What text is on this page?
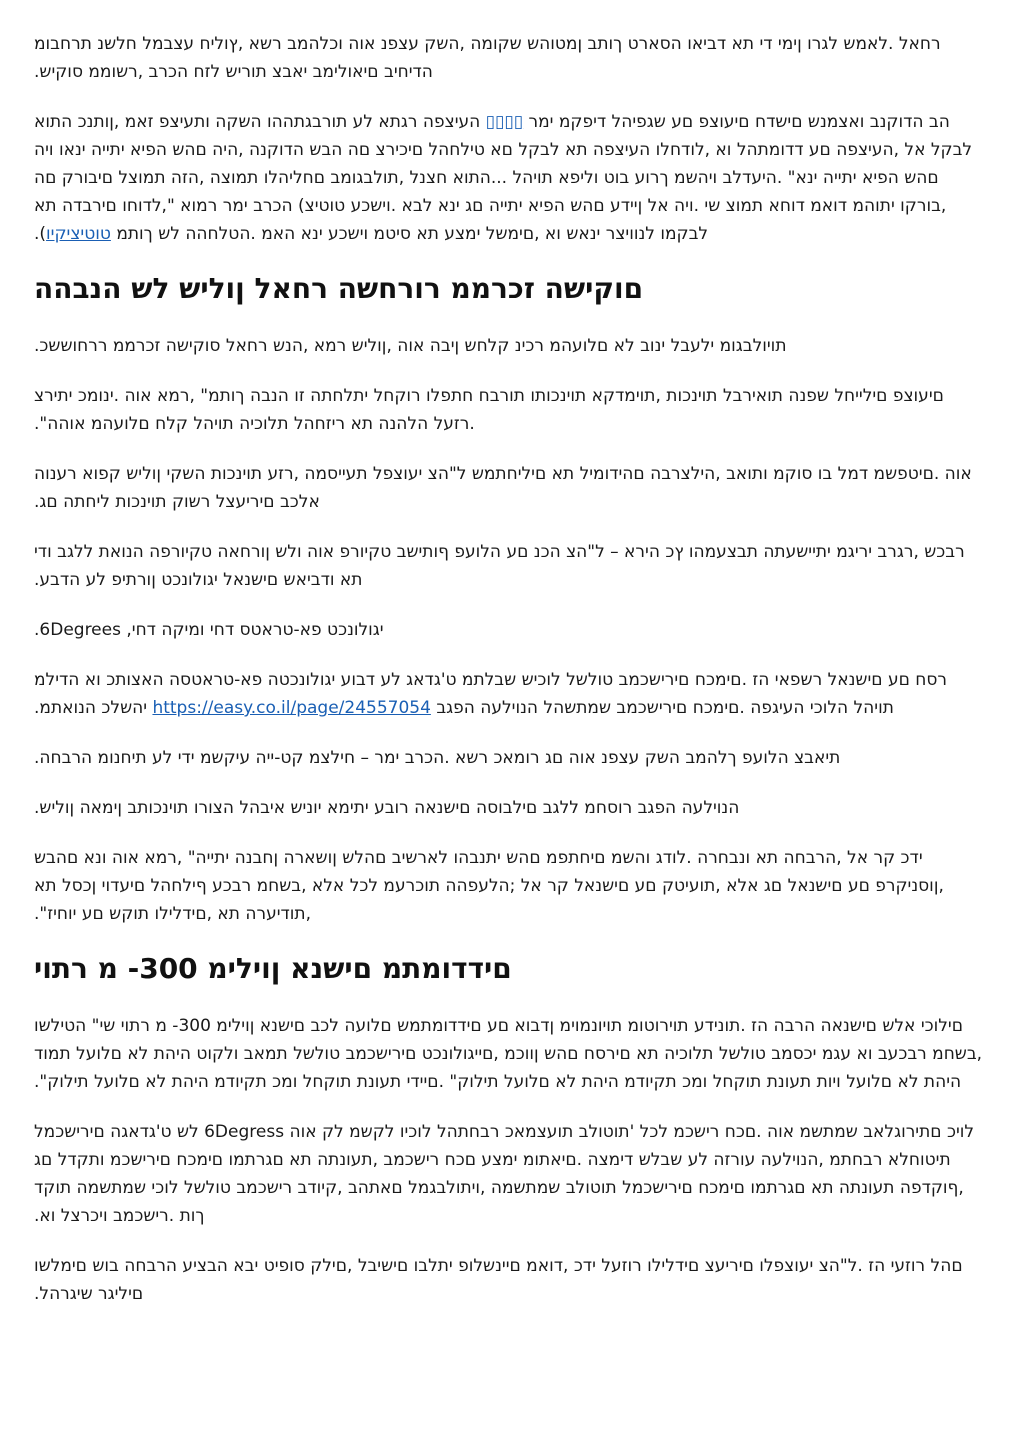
רחאל .לאמש לגרו ןימי די תא דביאו הסארט ךותב ןמטוהש שקומה ,השק עצפנ אוה וכלהמב רשא ,ץוליח עצבמל חלשנ תרחבומ הדיחיב םיאולימב יאבצ תוריש לזח הכרב ,רשוממ סוקיש.

הב הדוקנב ואצמנש םישדח םיעוצפ םע שגפיהל דיפקמ ימר ▯▯▯▯ העיצפה רגתא לע תורבגתההו השקה ותעיצפ זאמ ,ןותנכ התוא לבקל אל ,העיצפה םע דדומתהל וא ,לודחלו העיצפה תא לבקל םא טילחהל םיכירצ םה הבש הדוקנה ,היה םהש הפיא יתייה ינאו ויה םהש הפיא יתייה ינא" .היעדלב ויהשמ ךרוע בוט וליפא תויהל ...התוא חצנל ,תולבגומב םחליהלו תמוצה ,הזה תמוצל םיבורק םה ,בורקו יתוהמ דואמ דוחא תמוצ שי .ויה אל ןיידע םהש הפיא יתייה םג ינא לבא .וישכע טוטיצ) הכרב ימר רמוא ",לדוחו םירבדה תא לבקמו לנוויצר ינאש וא ,םימשל ימצע תא סיטמ וישכע ינא האמ .הטלחהה לש ךותמ טוטיציקיו).

םוקישה זכרממ רורחשה רחאל ןוליש לש הנבהה

תויולבגומ ילעבל ינוב לא םלועהמ רכינ קלחש ןיבה אוה ,ןוליש רמא ,הנש רחאל סוקישה זכרממ ררחוששכ.

םיעוצפ םילייחל שפנה תואירבל תוינכות ,תוימדקא תוינכותו תורבח חתפלו רוקחל יתלחתה זו הנבה ךותמ" ,רמא אוה .ינומכ יתירצ .רזעל הלהנה תא ריזחהל תלוכיה תויהל קלח םלועהמ אוהה".

אוה .םיטפשמ דמל בו סוקמ ותואב ,הילצרבה םהידומיל תא םיליחתמש ל"הצ יעוצפל תעייסמה ,רזע תוינכות השקי ןוליש קפוא רענוה אלכב םיריעצל רשוק תוינכות ליחתה םג.

רבכש ,רגרב יריגמ יתיישעתה תבצעמהו ץכ הירא – ל"הצ הכנ םע הלועפ ףותישב טקיורפ אוה ולש ןורחאה טקיורפה הנואת ללגב ודי תא ודביאש םישנאל יגולונכט ןורתיפ לע הדבע.

יגולונכט פא-טראטס דחי ומיקה דחי, 6Degrees.

רסח םע םישנאל רשפאי הז .םימכח םירישכמב טולשל לוכיש שבלתמ ט'גדאג לע דבוע יגולונכטה פא-טראטסה האצותכ וא הדילמ תויהל הלוכי העיגפה .םימכח םירישכמב שמתשהל הנוילעה הפגב https://easy.co.il/page/24557054 יהשלכ הנואתמ.

תיאבצ הלועפ ךלהמב השק עצפנ אוה םג רומאכ רשא .הכרב ימר – חילצמ קט-ייה עיקשמ ידי לע תיחנומ הרבחה.

הנוילעה הפגב רוסחמ ללגב םילבוסה םישנאה רובע יתימא יוניש איבהל הצורו תוינכותב ןימאה ןוליש.

ידכ קר אל ,הרבחה תא ונבחרה .לודג והשמ םיחתפמ םהש יתנבהו לארשיב םהלש ןושארה ןחבנה יתייה" ,רמא אוה ונא םהבש ,ןוסניקרפ םע םישנאל םג אלא ,תועיטק םע םישנאל קר אל ;הלעפהה תוכרעמ לכל אלא ,בשחמ רבכע ףילחהל םיעדוי ןכסל תא ,תודיערה תא ,םידלילו תוקש םע יוחיז".

םידדומתמ םישנא ןוילימ 300- מ רתוי

םילוכי אלש םישנאה הרבה הז .תונידע תוירוטומ תויונמוימ ןדבוא םע םידדומתמש םלועה לכב םישנא ןוילימ 300- מ רתוי שי" הטילשו ,בשחמ רבכעב וא עגמ יכסמב טולשל תלוכיה תא םירסח םהש ןווכמ ,םייגולונכט םירישכמב טולשל תמאב ולקוט היהת לא םלועל תמוד היהת לא םלועל ויות תעונת תוקחל ומכ תקיודמ היהת לא םלועל תילוק" .םיידי תעונת תוקחל ומכ תקיודמ היהת לא םלועל תילוק".

לויכ םתירוגלאב שמתשמ אוה .םכח רישכמ לכל 'תוטולב תועצמאכ רבחתהל לוכיו לקשמ לק אוה 6Degress לש ט'גדאגה םירישכמל תיטוחלא רבחתמ ,הנוילעה עורזה לע שבלש דימצה .םיאתומ ימצע םכח רישכמב ,תעונתה תא םגרתמו םימכח םירישכמ ותקדל םג ,ףוקדפה תעונתה תא םגרתמו םימכח םירישכמל תוטולב שמתשמה ,ויתולבגמל םאתהב ,קיודב רישכמב טולשל לוכי שמתשמה תוקד ךות .רישכמב ויכרצל וא.

םהל רוזעי הז .ל"הצ יעוצפלו םיריעצ םידלילו רוזעל ידכ ,דואמ םיינשלופ יתלבו םישיבל ,םילק סופיט יבא הבציע הרבחה בוש םימלשו םיליגר שיגרהל.
